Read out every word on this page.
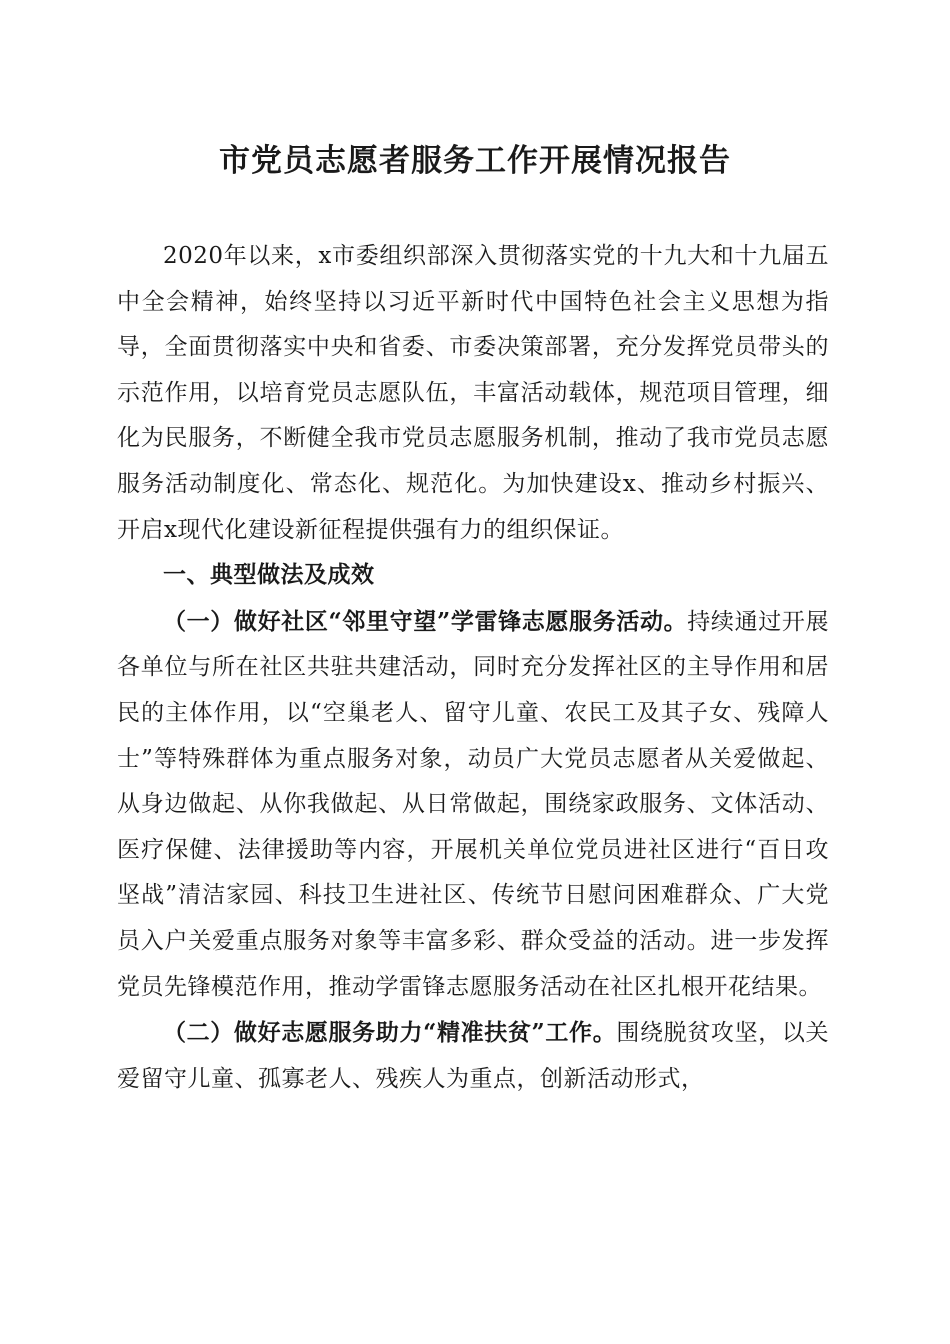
市党员志愿者服务工作开展情况报告

2020年以来，x市委组织部深入贯彻落实党的十九大和十九届五中全会精神，始终坚持以习近平新时代中国特色社会主义思想为指导，全面贯彻落实中央和省委、市委决策部署，充分发挥党员带头的示范作用，以培育党员志愿队伍，丰富活动载体，规范项目管理，细化为民服务，不断健全我市党员志愿服务机制，推动了我市党员志愿服务活动制度化、常态化、规范化。为加快建设x、推动乡村振兴、开启x现代化建设新征程提供强有力的组织保证。

一、典型做法及成效

（一）做好社区“邻里守望”学雷锋志愿服务活动。持续通过开展各单位与所在社区共驻共建活动，同时充分发挥社区的主导作用和居民的主体作用，以“空巢老人、留守儿童、农民工及其子女、残障人士”等特殊群体为重点服务对象，动员广大党员志愿者从关爱做起、从身边做起、从你我做起、从日常做起，围绕家政服务、文体活动、医疗保健、法律援助等内容，开展机关单位党员进社区进行“百日攻坚战”清洁家园、科技卫生进社区、传统节日慰问困难群众、广大党员入户关爱重点服务对象等丰富多彩、群众受益的活动。进一步发挥党员先锋模范作用，推动学雷锋志愿服务活动在社区扎根开花结果。

（二）做好志愿服务助力“精准扶贫”工作。围绕脱贫攻坚，以关爱留守儿童、孤寡老人、残疾人为重点，创新活动形式，
